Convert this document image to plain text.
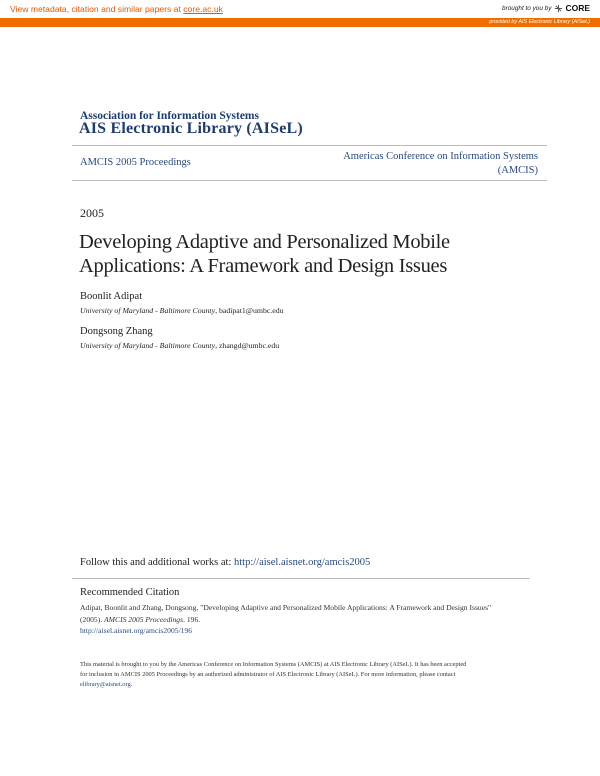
View metadata, citation and similar papers at core.ac.uk	brought to you by CORE
provided by AIS Electronic Library (AISeL)
Association for Information Systems
AIS Electronic Library (AISeL)
AMCIS 2005 Proceedings
Americas Conference on Information Systems (AMCIS)
2005
Developing Adaptive and Personalized Mobile Applications: A Framework and Design Issues
Boonlit Adipat
University of Maryland - Baltimore County, badipat1@umbc.edu
Dongsong Zhang
University of Maryland - Baltimore County, zhangd@umbc.edu
Follow this and additional works at: http://aisel.aisnet.org/amcis2005
Recommended Citation
Adipat, Boonlit and Zhang, Dongsong, "Developing Adaptive and Personalized Mobile Applications: A Framework and Design Issues"
(2005). AMCIS 2005 Proceedings. 196.
http://aisel.aisnet.org/amcis2005/196
This material is brought to you by the Americas Conference on Information Systems (AMCIS) at AIS Electronic Library (AISeL). It has been accepted
for inclusion in AMCIS 2005 Proceedings by an authorized administrator of AIS Electronic Library (AISeL). For more information, please contact
elibrary@aisnet.org.
